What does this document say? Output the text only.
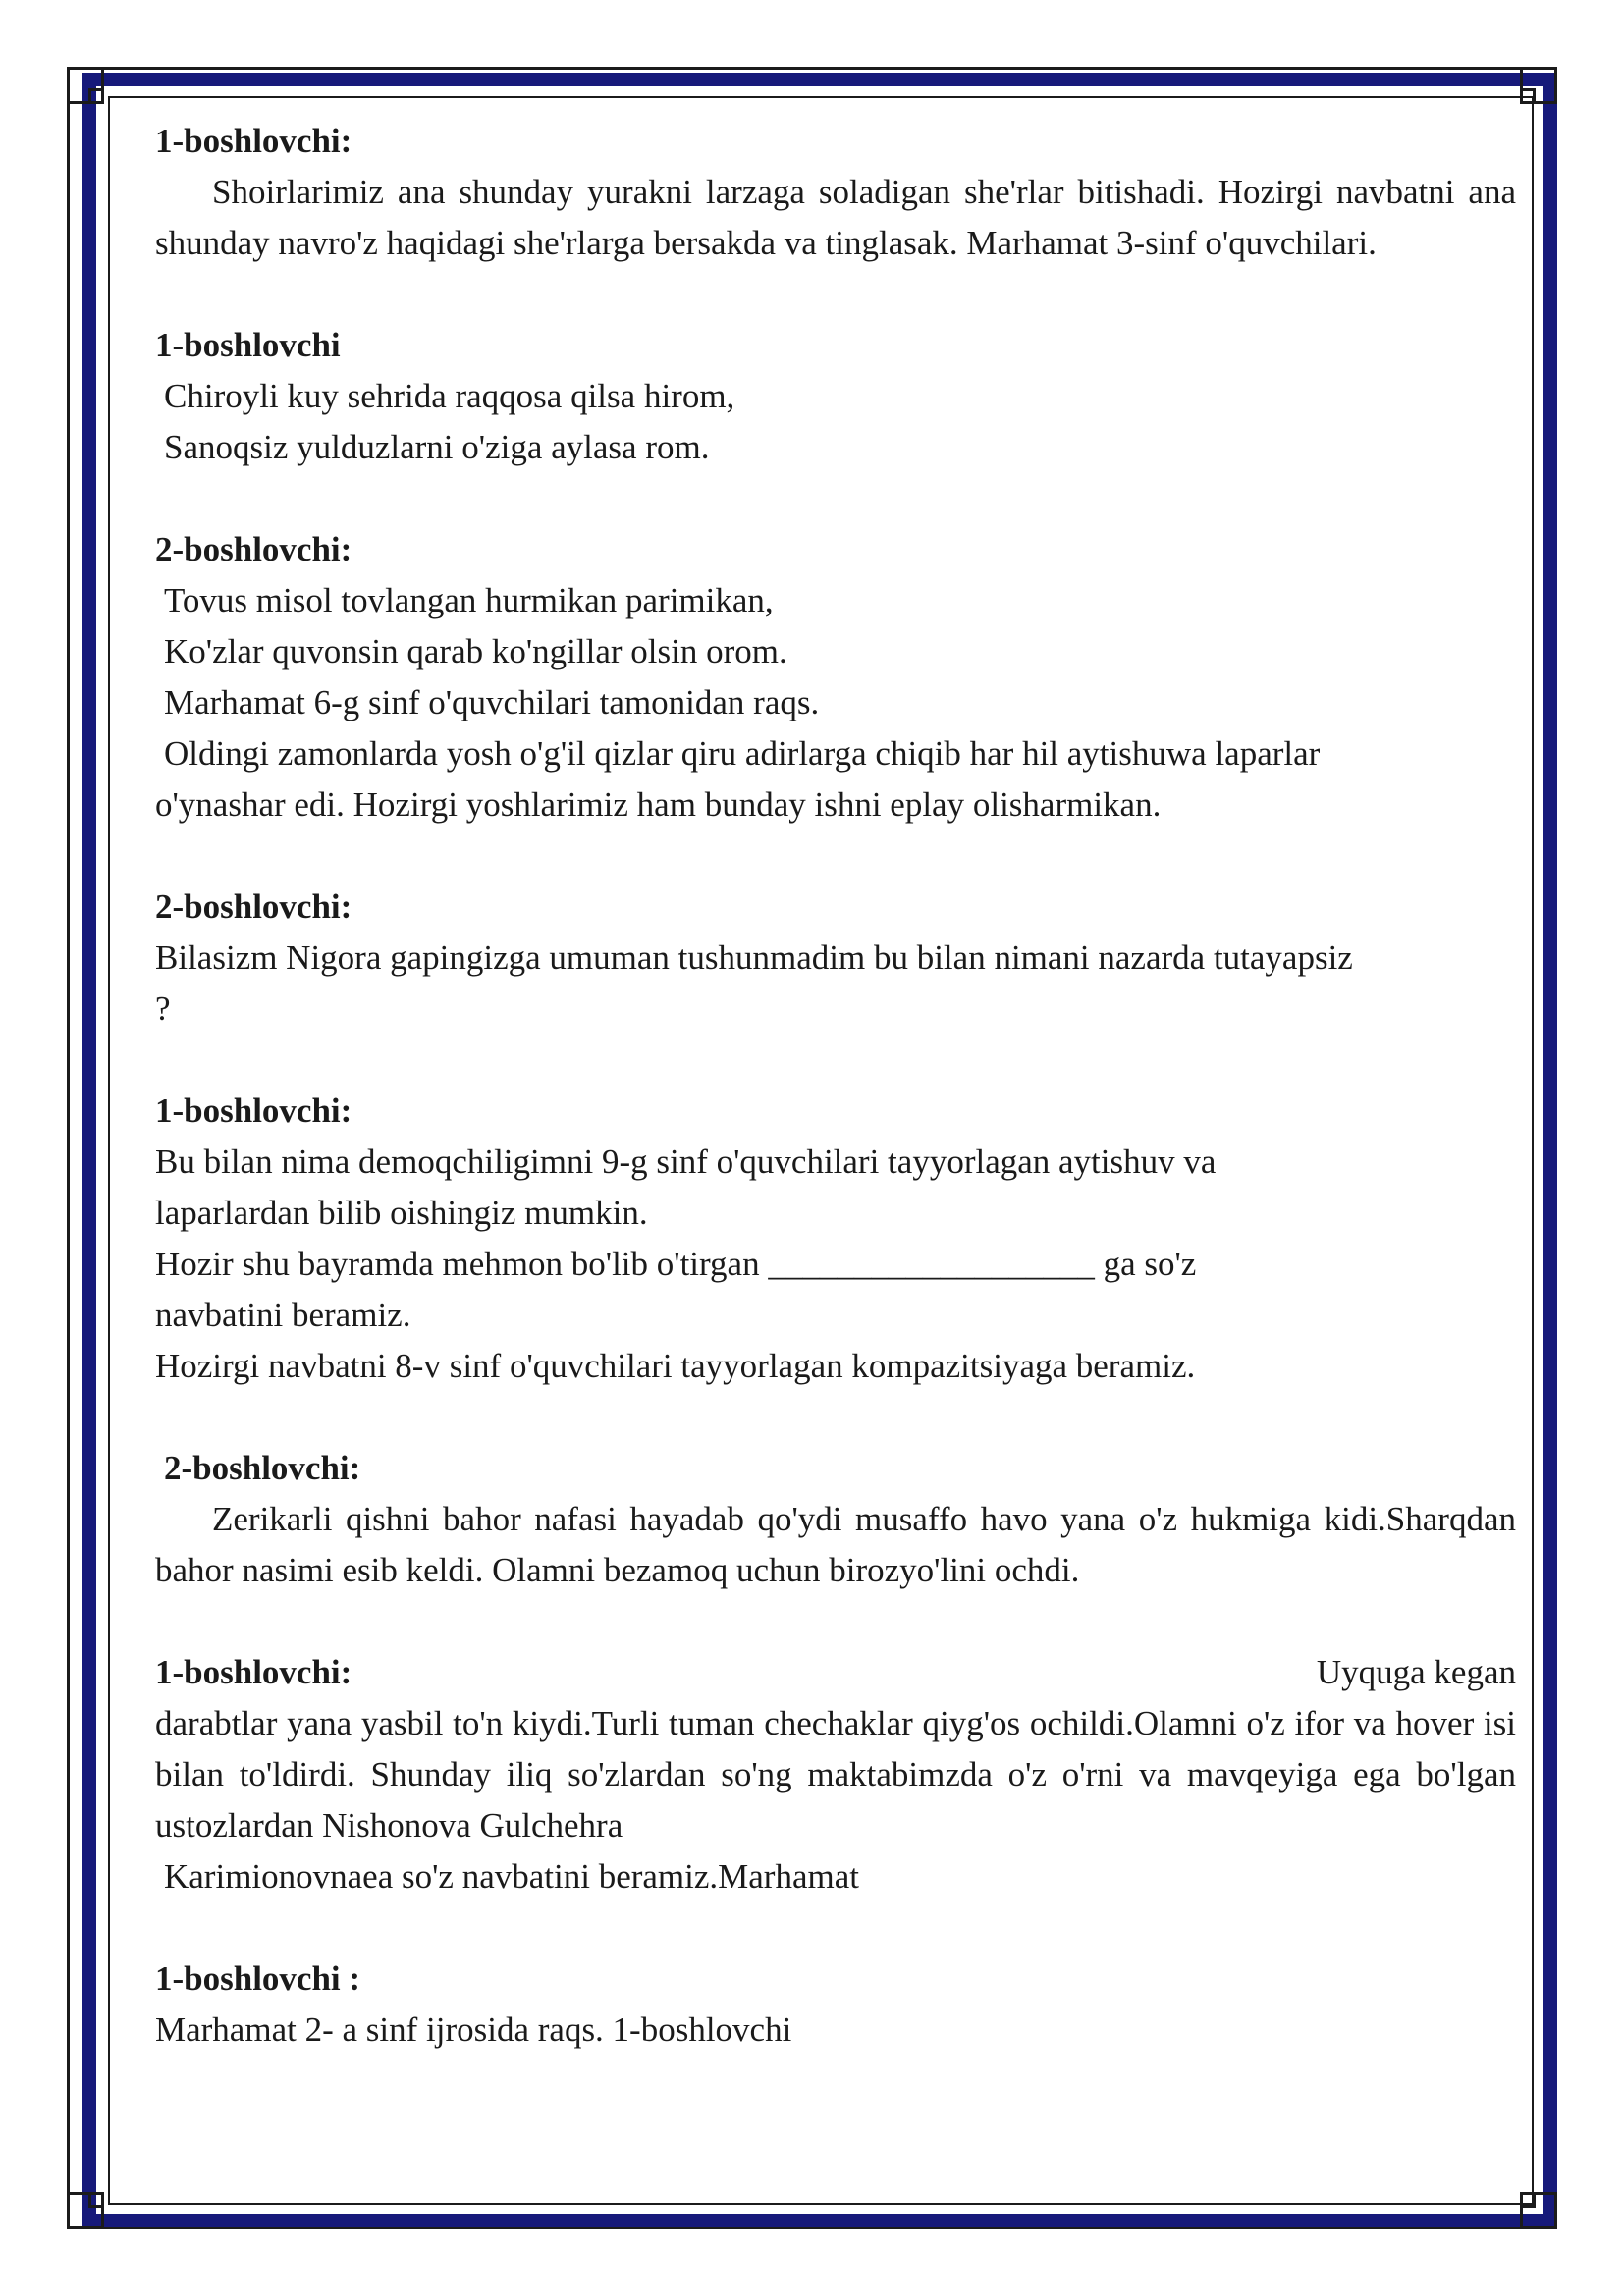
1-boshlovchi:
Shoirlarimiz ana shunday yurakni larzaga soladigan she'rlar bitishadi. Hozirgi navbatni ana shunday navro'z haqidagi she'rlarga bersakda va tinglasak. Marhamat 3-sinf o'quvchilari.
1-boshlovchi
Chiroyli kuy sehrida raqqosa qilsa hirom,
Sanoqsiz yulduzlarni o'ziga aylasa rom.
2-boshlovchi:
Tovus misol tovlangan hurmikan parimikan,
Ko'zlar quvonsin qarab ko'ngillar olsin orom.
Marhamat 6-g sinf o'quvchilari tamonidan raqs.
Oldingi zamonlarda yosh o'g'il qizlar qiru adirlarga chiqib har hil aytishuwa laparlar
o'ynashar edi. Hozirgi yoshlarimiz ham bunday ishni eplay olisharmikan.
2-boshlovchi:
Bilasizm Nigora gapingizga umuman tushunmadim bu bilan nimani nazarda tutayapsiz
?
1-boshlovchi:
Bu bilan nima demoqchiligimni 9-g sinf o'quvchilari tayyorlagan aytishuv va
laparlardan bilib oishingiz mumkin.
Hozir shu bayramda mehmon bo'lib o'tirgan ___________________ ga so'z
navbatini beramiz.
Hozirgi navbatni 8-v sinf o'quvchilari tayyorlagan kompazitsiyaga beramiz.
2-boshlovchi:
Zerikarli qishni bahor nafasi hayadab qo'ydi musaffo havo yana o'z hukmiga kidi.Sharqdan bahor nasimi esib keldi. Olamni bezamoq uchun birozyo'lini ochdi.
1-boshlovchi:	Uyquga kegan
darabtlar yana yasbil to'n kiydi.Turli tuman chechaklar qiyg'os ochildi.Olamni o'z ifor va hover isi bilan to'ldirdi. Shunday iliq so'zlardan so'ng maktabimzda o'z o'rni va mavqeyiga ega bo'lgan ustozlardan Nishonova Gulchehra
Karimionovnaea so'z navbatini beramiz.Marhamat
1-boshlovchi :
Marhamat 2- a sinf ijrosida raqs. 1-boshlovchi
